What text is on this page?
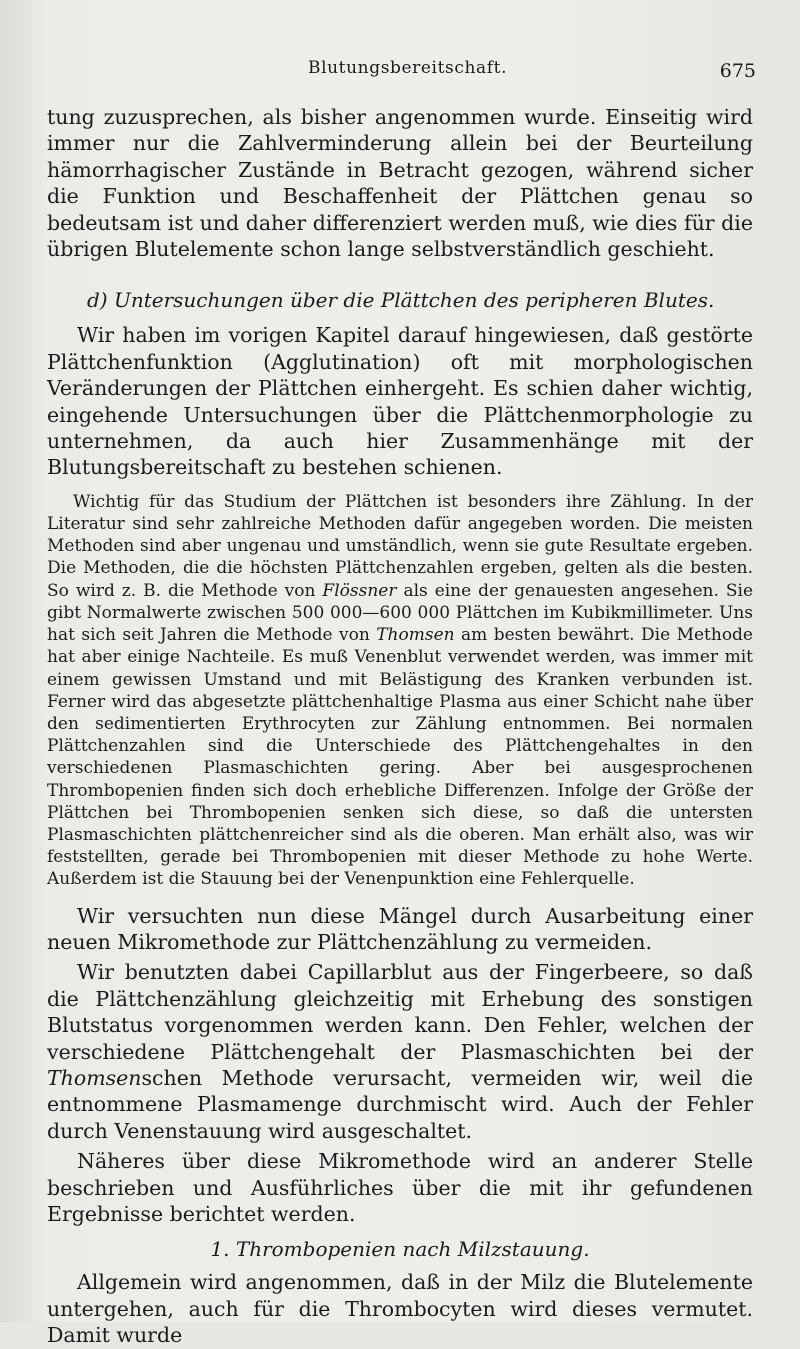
Blutungsbereitschaft.	675

tung zuzusprechen, als bisher angenommen wurde. Einseitig wird immer nur die Zahlverminderung allein bei der Beurteilung hämorrhagischer Zustände in Betracht gezogen, während sicher die Funktion und Beschaffenheit der Plättchen genau so bedeutsam ist und daher differenziert werden muß, wie dies für die übrigen Blutelemente schon lange selbstverständlich geschieht.

d) Untersuchungen über die Plättchen des peripheren Blutes.

Wir haben im vorigen Kapitel darauf hingewiesen, daß gestörte Plättchenfunktion (Agglutination) oft mit morphologischen Veränderungen der Plättchen einhergeht. Es schien daher wichtig, eingehende Untersuchungen über die Plättchenmorphologie zu unternehmen, da auch hier Zusammenhänge mit der Blutungsbereitschaft zu bestehen schienen.

Wichtig für das Studium der Plättchen ist besonders ihre Zählung. In der Literatur sind sehr zahlreiche Methoden dafür angegeben worden. Die meisten Methoden sind aber ungenau und umständlich, wenn sie gute Resultate ergeben. Die Methoden, die die höchsten Plättchenzahlen ergeben, gelten als die besten. So wird z. B. die Methode von Flössner als eine der genauesten angesehen. Sie gibt Normalwerte zwischen 500 000—600 000 Plättchen im Kubikmillimeter. Uns hat sich seit Jahren die Methode von Thomsen am besten bewährt. Die Methode hat aber einige Nachteile. Es muß Venenblut verwendet werden, was immer mit einem gewissen Umstand und mit Belästigung des Kranken verbunden ist. Ferner wird das abgesetzte plättchenhaltige Plasma aus einer Schicht nahe über den sedimentierten Erythrocyten zur Zählung entnommen. Bei normalen Plättchenzahlen sind die Unterschiede des Plättchengehaltes in den verschiedenen Plasmaschichten gering. Aber bei ausgesprochenen Thrombopenien finden sich doch erhebliche Differenzen. Infolge der Größe der Plättchen bei Thrombopenien senken sich diese, so daß die untersten Plasmaschichten plättchenreicher sind als die oberen. Man erhält also, was wir feststellten, gerade bei Thrombopenien mit dieser Methode zu hohe Werte. Außerdem ist die Stauung bei der Venenpunktion eine Fehlerquelle.

Wir versuchten nun diese Mängel durch Ausarbeitung einer neuen Mikromethode zur Plättchenzählung zu vermeiden.

Wir benutzten dabei Capillarblut aus der Fingerbeere, so daß die Plättchenzählung gleichzeitig mit Erhebung des sonstigen Blutstatus vorgenommen werden kann. Den Fehler, welchen der verschiedene Plättchengehalt der Plasmaschichten bei der Thomsenschen Methode verursacht, vermeiden wir, weil die entnommene Plasmamenge durchmischt wird. Auch der Fehler durch Venenstauung wird ausgeschaltet.

Näheres über diese Mikromethode wird an anderer Stelle beschrieben und Ausführliches über die mit ihr gefundenen Ergebnisse berichtet werden.

1. Thrombopenien nach Milzstauung.

Allgemein wird angenommen, daß in der Milz die Blutelemente untergehen, auch für die Thrombocyten wird dieses vermutet. Damit wurde
